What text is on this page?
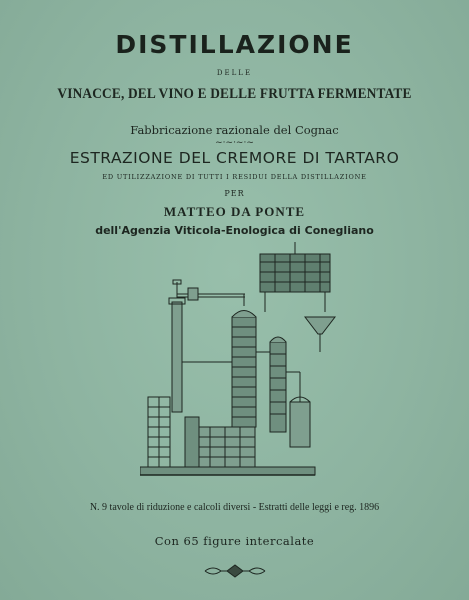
DISTILLAZIONE
DELLE
VINACCE, DEL VINO E DELLE FRUTTA FERMENTATE
Fabbricazione razionale del Cognac
~·~·~·~
ESTRAZIONE DEL CREMORE DI TARTARO
ED UTILIZZAZIONE DI TUTTI I RESIDUI DELLA DISTILLAZIONE
PER
MATTEO DA PONTE
dell'Agenzia Viticola-Enologica di Conegliano
N. 9 tavole di riduzione e calcoli diversi - Estratti delle leggi e reg. 1896
Con 65 figure intercalate
